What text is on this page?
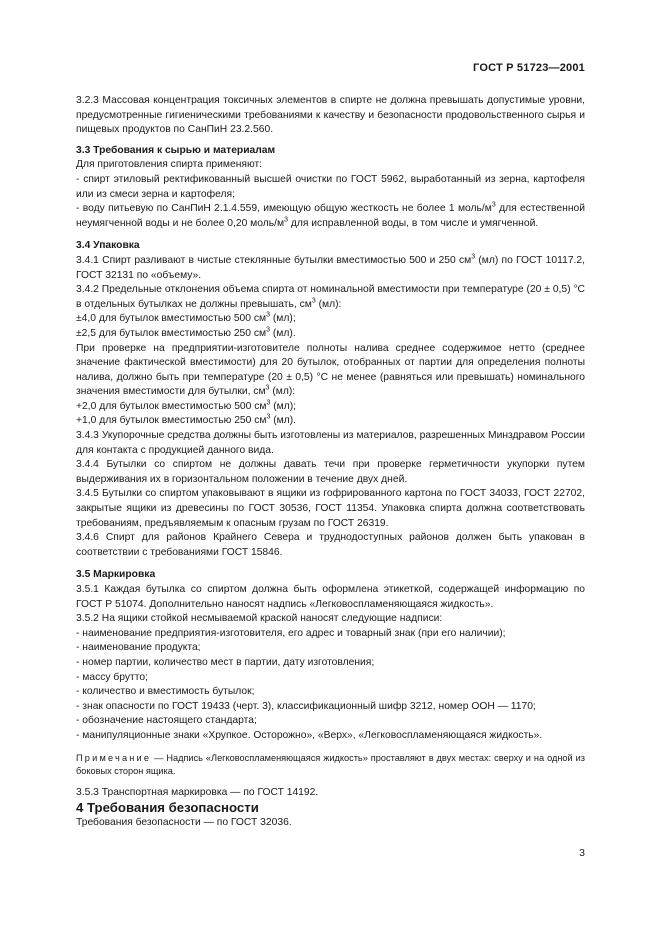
ГОСТ Р 51723—2001

3.2.3 Массовая концентрация токсичных элементов в спирте не должна превышать допустимые уровни, предусмотренные гигиеническими требованиями к качеству и безопасности продовольственного сырья и пищевых продуктов по СанПиН 23.2.560.

3.3 Требования к сырью и материалам

Для приготовления спирта применяют:

- спирт этиловый ректификованный высшей очистки по ГОСТ 5962, выработанный из зерна, картофеля или из смеси зерна и картофеля;

- воду питьевую по СанПиН 2.1.4.559, имеющую общую жесткость не более 1 моль/$м^3$ для естественной неумягченной воды и не более 0,20 моль/$м^3$ для исправленной воды, в том числе и умягченной.

3.4 Упаковка

3.4.1 Спирт разливают в чистые стеклянные бутылки вместимостью 500 и 250 $см^3$ (мл) по ГОСТ 10117.2, ГОСТ 32131 по «объему».

3.4.2 Предельные отклонения объема спирта от номинальной вместимости при температуре (20 ± 0,5) °С в отдельных бутылках не должны превышать, $см^3$ (мл):

±4,0 для бутылок вместимостью 500 $см^3$ (мл);

±2,5 для бутылок вместимостью 250 $см^3$ (мл).

При проверке на предприятии-изготовителе полноты налива среднее содержимое нетто (среднее значение фактической вместимости) для 20 бутылок, отобранных от партии для определения полноты налива, должно быть при температуре (20 ± 0,5) °С не менее (равняться или превышать) номинального значения вместимости для бутылки, $см^3$ (мл):

+2,0 для бутылок вместимостью 500 $см^3$ (мл);

+1,0 для бутылок вместимостью 250 $см^3$ (мл).

3.4.3 Укупорочные средства должны быть изготовлены из материалов, разрешенных Минздравом России для контакта с продукцией данного вида.

3.4.4 Бутылки со спиртом не должны давать течи при проверке герметичности укупорки путем выдерживания их в горизонтальном положении в течение двух дней.

3.4.5 Бутылки со спиртом упаковывают в ящики из гофрированного картона по ГОСТ 34033, ГОСТ 22702, закрытые ящики из древесины по ГОСТ 30536, ГОСТ 11354. Упаковка спирта должна соответствовать требованиям, предъявляемым к опасным грузам по ГОСТ 26319.

3.4.6 Спирт для районов Крайнего Севера и труднодоступных районов должен быть упакован в соответствии с требованиями ГОСТ 15846.

3.5 Маркировка

3.5.1 Каждая бутылка со спиртом должна быть оформлена этикеткой, содержащей информацию по ГОСТ Р 51074. Дополнительно наносят надпись «Легковоспламеняющаяся жидкость».

3.5.2 На ящики стойкой несмываемой краской наносят следующие надписи:

- наименование предприятия-изготовителя, его адрес и товарный знак (при его наличии);

- наименование продукта;

- номер партии, количество мест в партии, дату изготовления;

- массу брутто;

- количество и вместимость бутылок;

- знак опасности по ГОСТ 19433 (черт. 3), классификационный шифр 3212, номер ООН — 1170;

- обозначение настоящего стандарта;

- манипуляционные знаки «Хрупкое. Осторожно», «Верх», «Легковоспламеняющаяся жидкость».

Примечание — Надпись «Легковоспламеняющаяся жидкость» проставляют в двух местах: сверху и на одной из боковых сторон ящика.

3.5.3 Транспортная маркировка — по ГОСТ 14192.

4 Требования безопасности

Требования безопасности — по ГОСТ 32036.

3
